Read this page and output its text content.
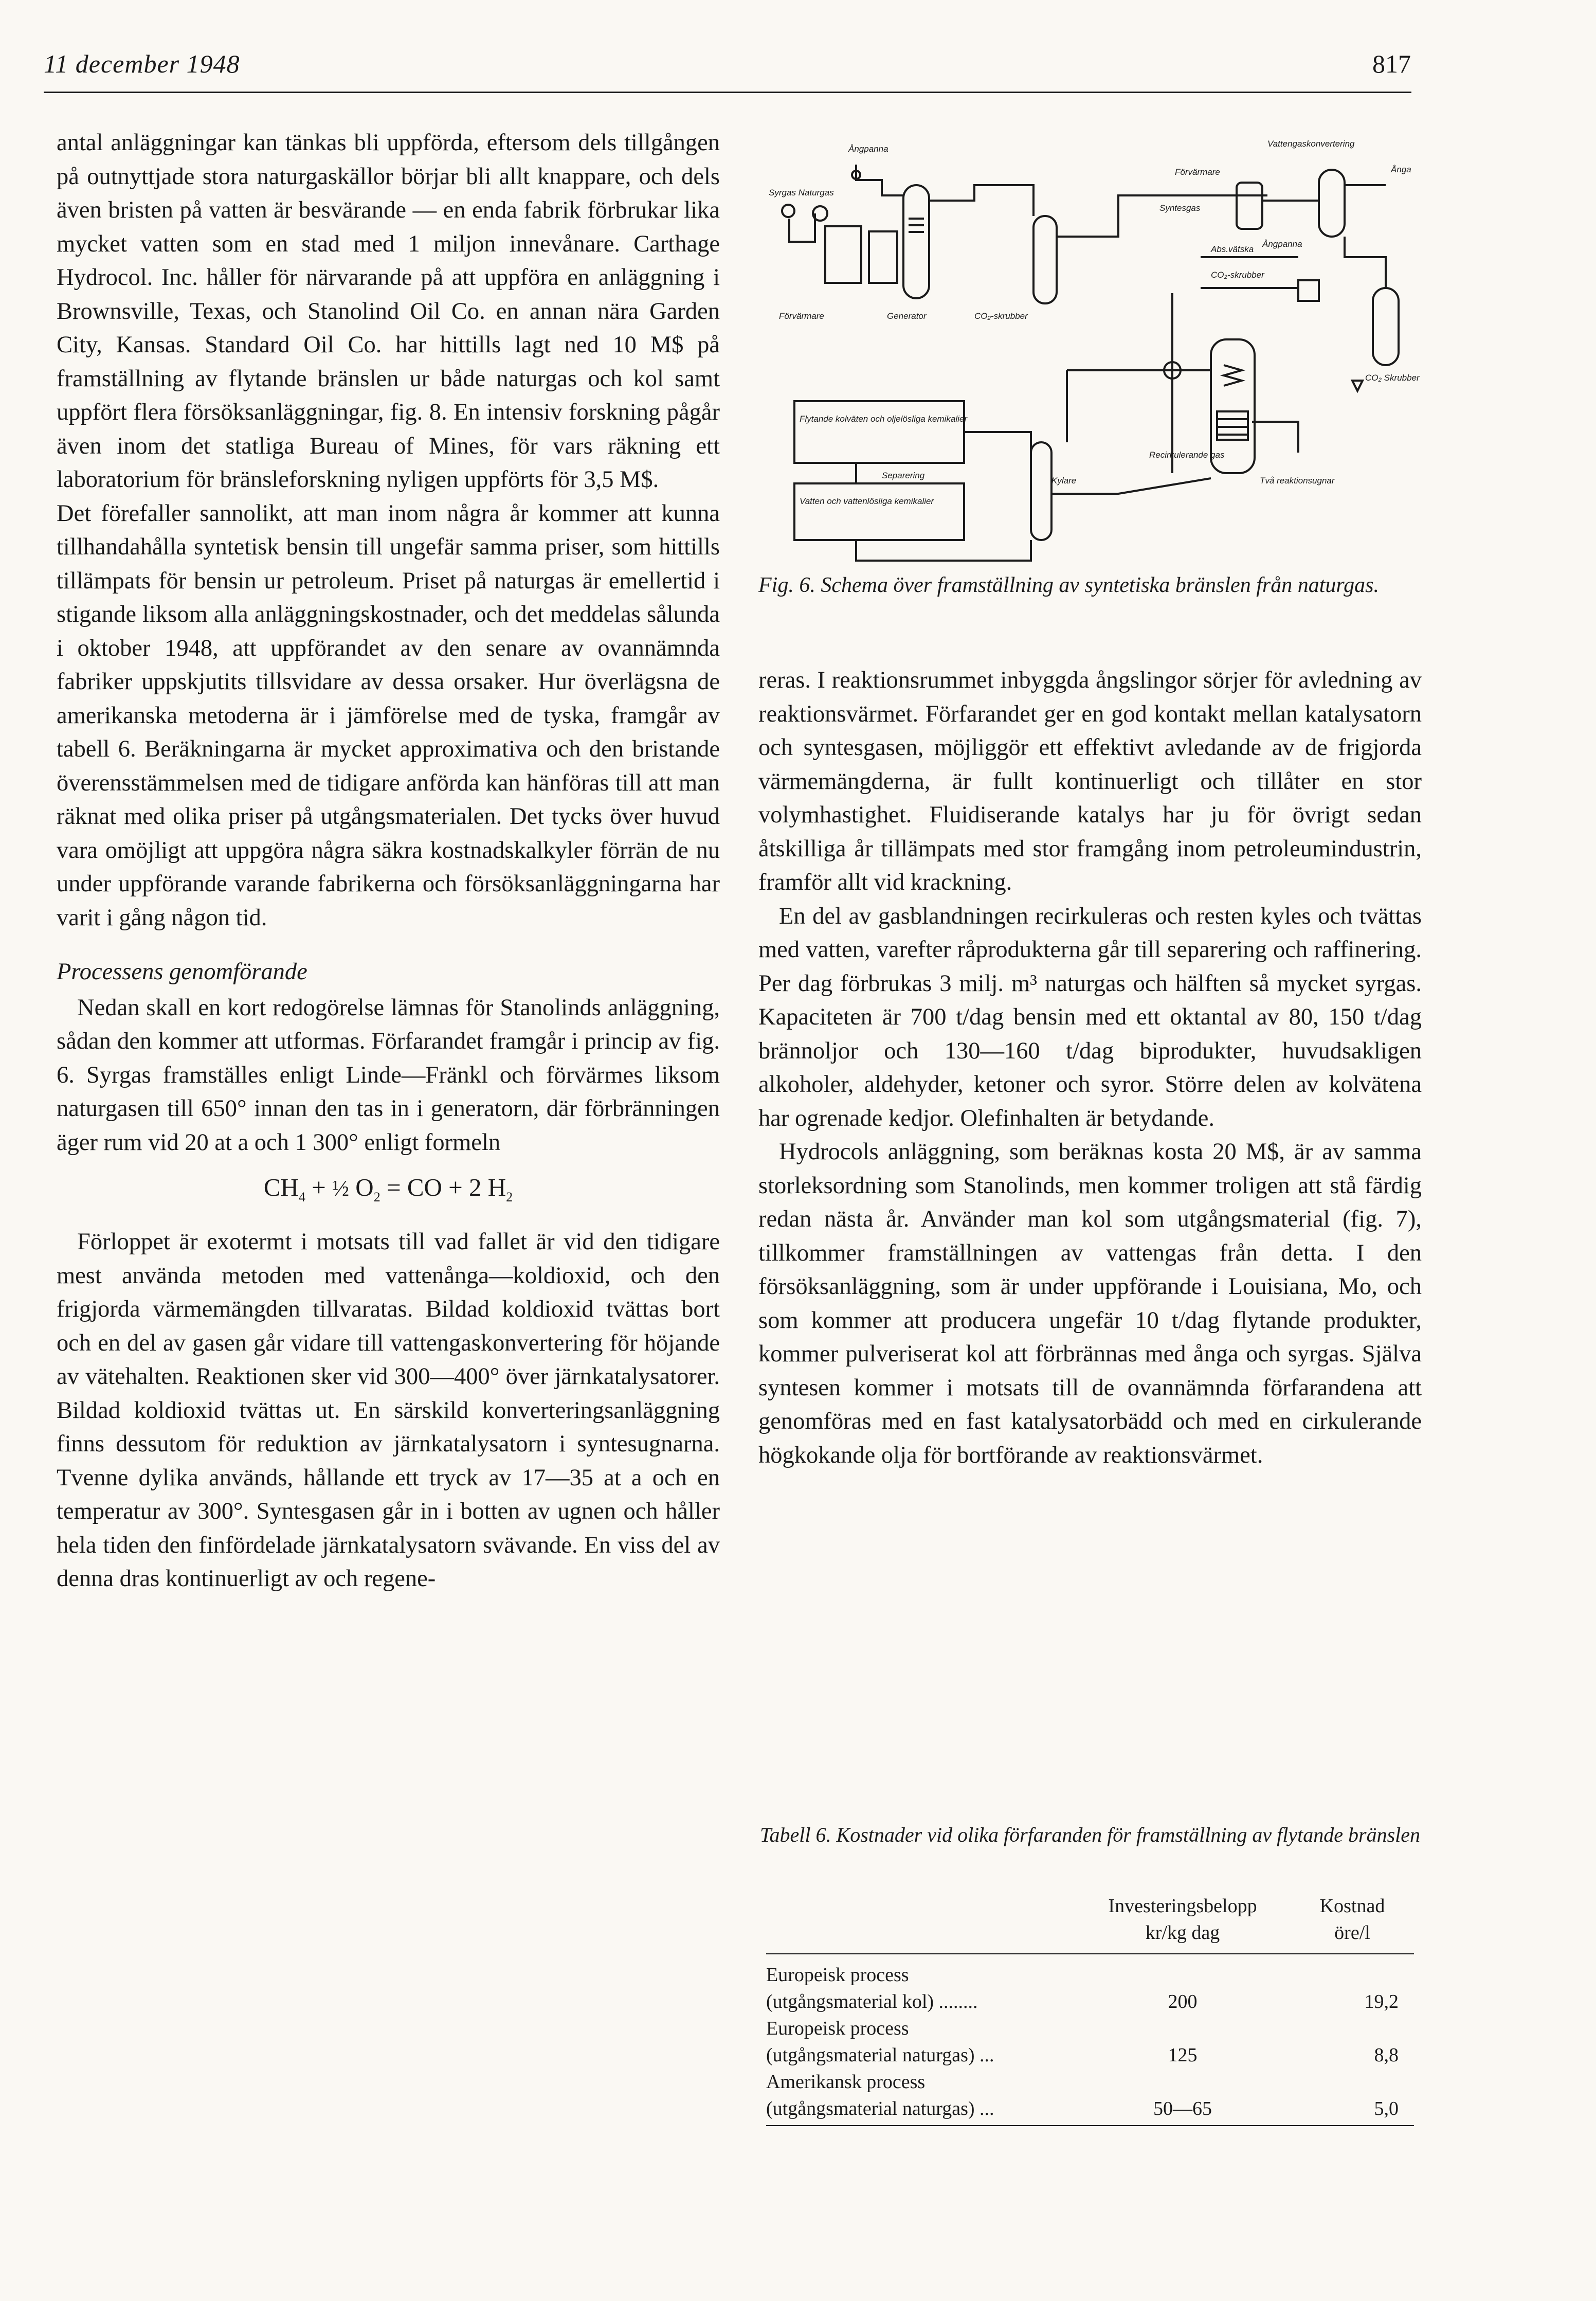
11 december 1948	817

antal anläggningar kan tänkas bli uppförda, eftersom dels tillgången på outnyttjade stora naturgaskällor börjar bli allt knappare, och dels även bristen på vatten är besvärande — en enda fabrik förbrukar lika mycket vatten som en stad med 1 miljon innevånare. Carthage Hydrocol. Inc. håller för närvarande på att uppföra en anläggning i Brownsville, Texas, och Stanolind Oil Co. en annan nära Garden City, Kansas. Standard Oil Co. har hittills lagt ned 10 M$ på framställning av flytande bränslen ur både naturgas och kol samt uppfört flera försöksanläggningar, fig. 8. En intensiv forskning pågår även inom det statliga Bureau of Mines, för vars räkning ett laboratorium för bränsleforskning nyligen uppförts för 3,5 M$.

Det förefaller sannolikt, att man inom några år kommer att kunna tillhandahålla syntetisk bensin till ungefär samma priser, som hittills tillämpats för bensin ur petroleum. Priset på naturgas är emellertid i stigande liksom alla anläggningskostnader, och det meddelas sålunda i oktober 1948, att uppförandet av den senare av ovannämnda fabriker uppskjutits tillsvidare av dessa orsaker. Hur överlägsna de amerikanska metoderna är i jämförelse med de tyska, framgår av tabell 6. Beräkningarna är mycket approximativa och den bristande överensstämmelsen med de tidigare anförda kan hänföras till att man räknat med olika priser på utgångsmaterialen. Det tycks över huvud vara omöjligt att uppgöra några säkra kostnadskalkyler förrän de nu under uppförande varande fabrikerna och försöksanläggningarna har varit i gång någon tid.

Processens genomförande

Nedan skall en kort redogörelse lämnas för Stanolinds anläggning, sådan den kommer att utformas. Förfarandet framgår i princip av fig. 6. Syrgas framställes enligt Linde—Fränkl och förvärmes liksom naturgasen till 650° innan den tas in i generatorn, där förbränningen äger rum vid 20 at a och 1 300° enligt formeln

$CH_4$ + ½ $O_2$ = CO + 2 $H_2$

Förloppet är exotermt i motsats till vad fallet är vid den tidigare mest använda metoden med vattenånga—koldioxid, och den frigjorda värmemängden tillvaratas. Bildad koldioxid tvättas bort och en del av gasen går vidare till vattengaskonvertering för höjande av vätehalten. Reaktionen sker vid 300—400° över järnkatalysatorer. Bildad koldioxid tvättas ut. En särskild konverteringsanläggning finns dessutom för reduktion av järnkatalysatorn i syntesugnarna. Tvenne dylika används, hållande ett tryck av 17—35 at a och en temperatur av 300°. Syntesgasen går in i botten av ugnen och håller hela tiden den finfördelade järnkatalysatorn svävande. En viss del av denna dras kontinuerligt av och regene-

Ångpanna
Syrgas Naturgas
Förvärmare
Vattengaskonvertering
Ånga
Syntesgas
Abs.vätska
Ångpanna
CO₂-skrubber
Förvärmare	Generator	CO₂-skrubber
CO₂ Skrubber
Flytande kolväten och oljelösliga kemikalier
Separering
Kylare
Recirkulerande gas
Två reaktionsugnar
Vatten och vattenlösliga kemikalier
Fig. 6. Schema över framställning av syntetiska bränslen från naturgas.

reras. I reaktionsrummet inbyggda ångslingor sörjer för avledning av reaktionsvärmet. Förfarandet ger en god kontakt mellan katalysatorn och syntesgasen, möjliggör ett effektivt avledande av de frigjorda värmemängderna, är fullt kontinuerligt och tillåter en stor volymhastighet. Fluidiserande katalys har ju för övrigt sedan åtskilliga år tillämpats med stor framgång inom petroleumindustrin, framför allt vid krackning.

En del av gasblandningen recirkuleras och resten kyles och tvättas med vatten, varefter råprodukterna går till separering och raffinering. Per dag förbrukas 3 milj. m³ naturgas och hälften så mycket syrgas. Kapaciteten är 700 t/dag bensin med ett oktantal av 80, 150 t/dag brännoljor och 130—160 t/dag biprodukter, huvudsakligen alkoholer, aldehyder, ketoner och syror. Större delen av kolvätena har ogrenade kedjor. Olefinhalten är betydande.

Hydrocols anläggning, som beräknas kosta 20 M$, är av samma storleksordning som Stanolinds, men kommer troligen att stå färdig redan nästa år. Använder man kol som utgångsmaterial (fig. 7), tillkommer framställningen av vattengas från detta. I den försöksanläggning, som är under uppförande i Louisiana, Mo, och som kommer att producera ungefär 10 t/dag flytande produkter, kommer pulveriserat kol att förbrännas med ånga och syrgas. Själva syntesen kommer i motsats till de ovannämnda förfarandena att genomföras med en fast katalysatorbädd och med en cirkulerande högkokande olja för bortförande av reaktionsvärmet.

Tabell 6. Kostnader vid olika förfaranden för framställning av flytande bränslen
Investeringsbelopp
kr/kg dag
Kostnad
öre/l
Europeisk process
(utgångsmaterial kol) ........	200	19,2
Europeisk process
(utgångsmaterial naturgas) ...	125	8,8
Amerikansk process
(utgångsmaterial naturgas) ...	50—65	5,0
